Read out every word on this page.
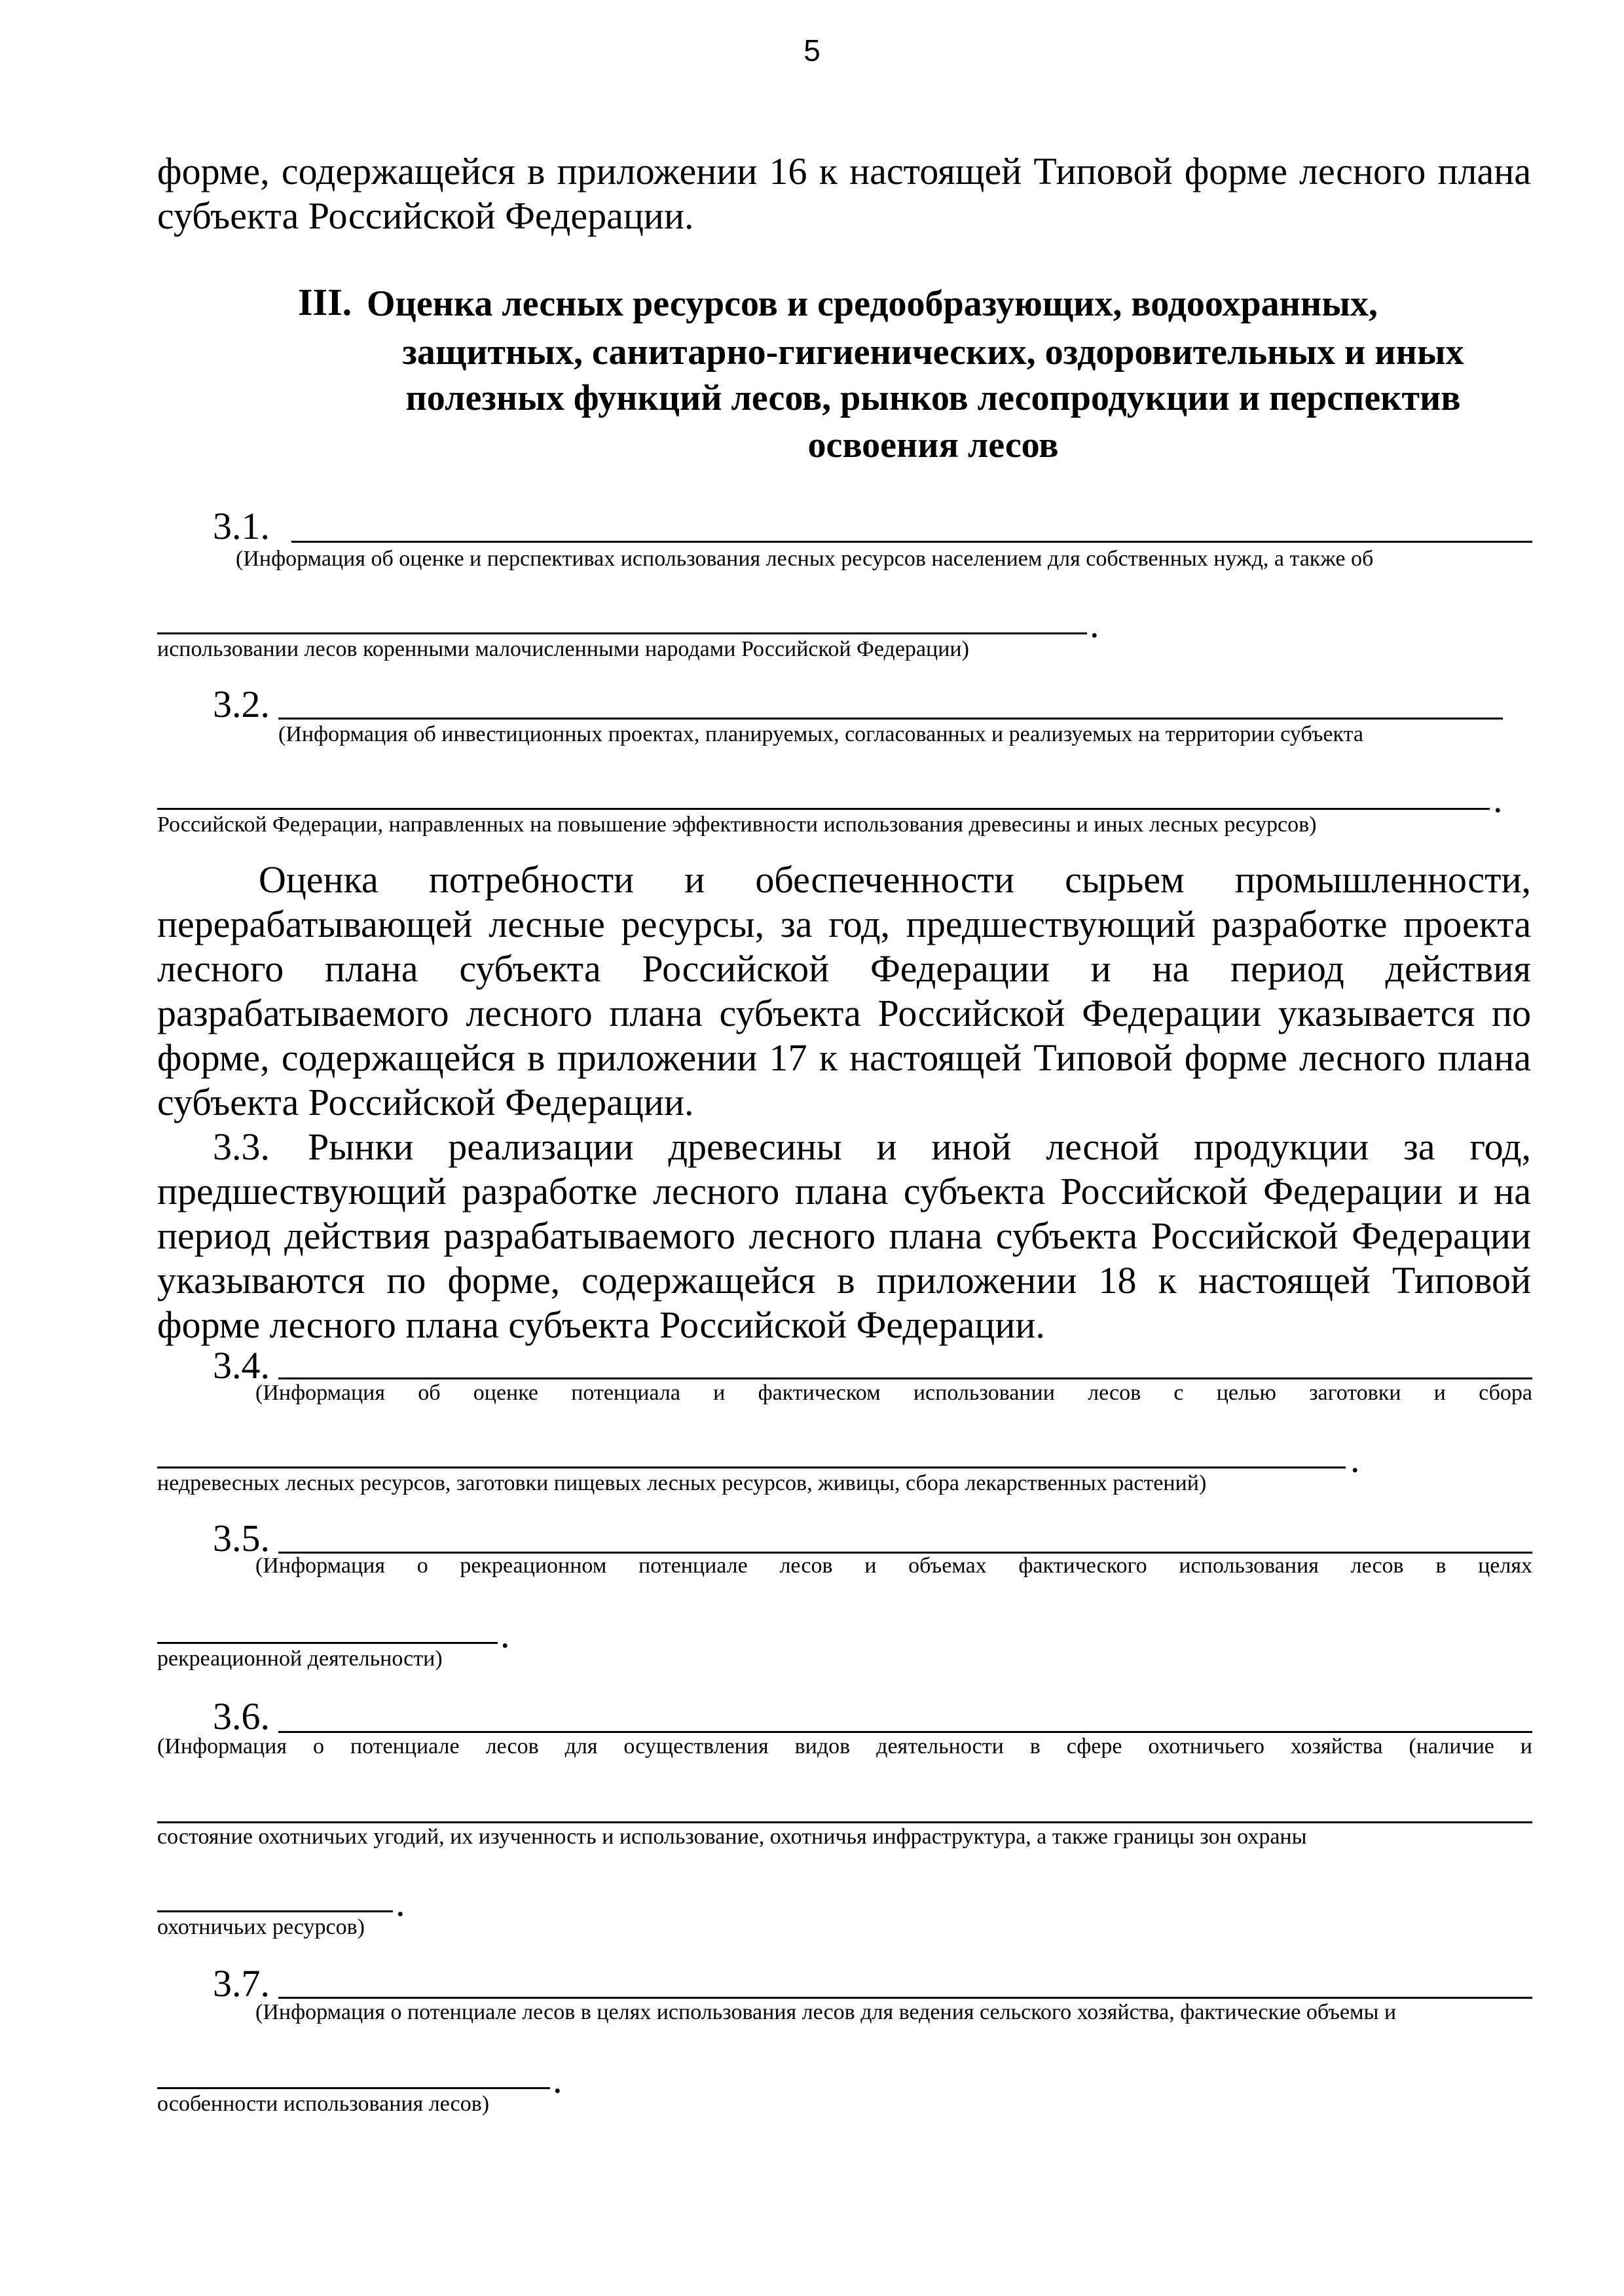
5
форме, содержащейся в приложении 16 к настоящей Типовой форме лесного плана
субъекта Российской Федерации.
III. Оценка лесных ресурсов и средообразующих, водоохранных,
защитных, санитарно-гигиенических, оздоровительных и иных
полезных функций лесов, рынков лесопродукции и перспектив
освоения лесов
3.1.
(Информация об оценке и перспективах использования лесных ресурсов населением для собственных нужд, а также об
.
использовании лесов коренными малочисленными народами Российской Федерации)
3.2.
(Информация об инвестиционных проектах, планируемых, согласованных и реализуемых на территории субъекта
.
Российской Федерации, направленных на повышение эффективности использования древесины и иных лесных ресурсов)
Оценка потребности и обеспеченности сырьем промышленности,
перерабатывающей лесные ресурсы, за год, предшествующий разработке проекта
лесного плана субъекта Российской Федерации и на период действия
разрабатываемого лесного плана субъекта Российской Федерации указывается по
форме, содержащейся в приложении 17 к настоящей Типовой форме лесного плана
субъекта Российской Федерации.
3.3. Рынки реализации древесины и иной лесной продукции за год,
предшествующий разработке лесного плана субъекта Российской Федерации и на
период действия разрабатываемого лесного плана субъекта Российской Федерации
указываются по форме, содержащейся в приложении 18 к настоящей Типовой
форме лесного плана субъекта Российской Федерации.
3.4.
(Информация об оценке потенциала и фактическом использовании лесов с целью заготовки и сбора
.
недревесных лесных ресурсов, заготовки пищевых лесных ресурсов, живицы, сбора лекарственных растений)
3.5.
(Информация о рекреационном потенциале лесов и объемах фактического использования лесов в целях
.
рекреационной деятельности)
3.6.
(Информация о потенциале лесов для осуществления видов деятельности в сфере охотничьего хозяйства (наличие и
состояние охотничьих угодий, их изученность и использование, охотничья инфраструктура, а также границы зон охраны
.
охотничьих ресурсов)
3.7.
(Информация о потенциале лесов в целях использования лесов для ведения сельского хозяйства, фактические объемы и
.
особенности использования лесов)
